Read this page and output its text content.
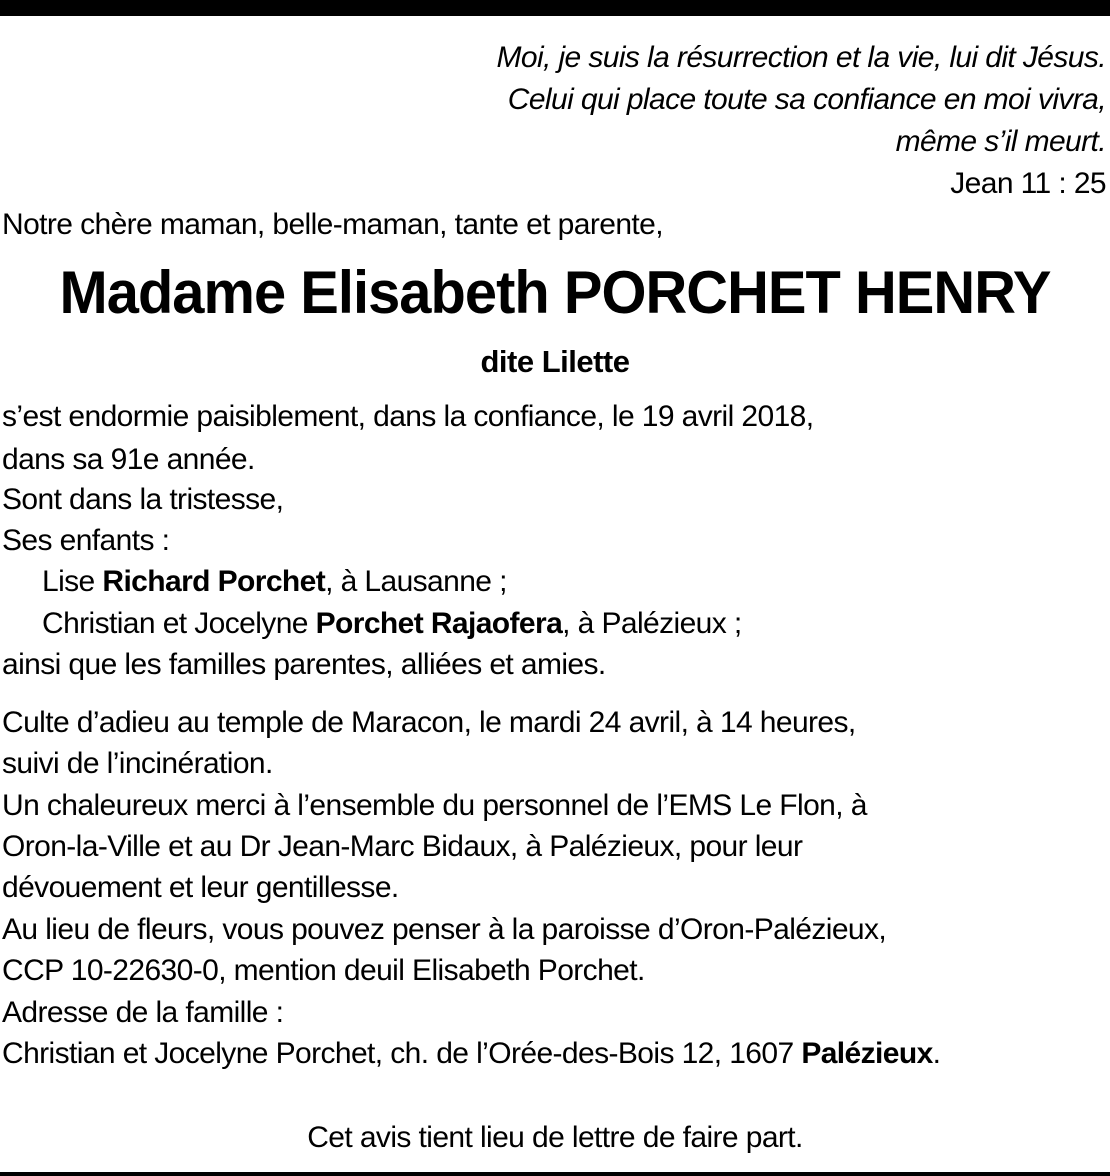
Moi, je suis la résurrection et la vie, lui dit Jésus.
Celui qui place toute sa confiance en moi vivra,
même s’il meurt.
Jean 11 : 25
Notre chère maman, belle-maman, tante et parente,
Madame Elisabeth PORCHET HENRY
dite Lilette
s’est endormie paisiblement, dans la confiance, le 19 avril 2018,
dans sa 91e année.
Sont dans la tristesse,
Ses enfants :
Lise Richard Porchet, à Lausanne ;
Christian et Jocelyne Porchet Rajaofera, à Palézieux ;
ainsi que les familles parentes, alliées et amies.
Culte d’adieu au temple de Maracon, le mardi 24 avril, à 14 heures,
suivi de l’incinération.
Un chaleureux merci à l’ensemble du personnel de l’EMS Le Flon, à
Oron-la-Ville et au Dr Jean-Marc Bidaux, à Palézieux, pour leur
dévouement et leur gentillesse.
Au lieu de fleurs, vous pouvez penser à la paroisse d’Oron-Palézieux,
CCP 10-22630-0, mention deuil Elisabeth Porchet.
Adresse de la famille :
Christian et Jocelyne Porchet, ch. de l’Orée-des-Bois 12, 1607 Palézieux.
Cet avis tient lieu de lettre de faire part.
